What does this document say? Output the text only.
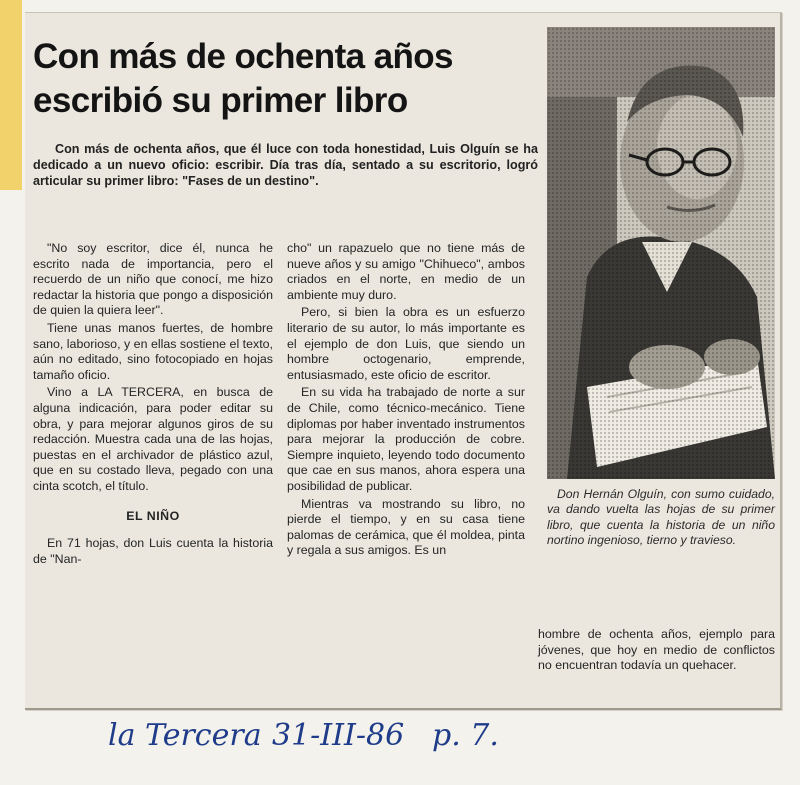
Con más de ochenta años
escribió su primer libro

Con más de ochenta años, que él luce con toda honestidad, Luis Olguín se ha dedicado a un nuevo oficio: escribir. Día tras día, sentado a su escritorio, logró articular su primer libro: "Fases de un destino".

"No soy escritor, dice él, nunca he escrito nada de importancia, pero el recuerdo de un niño que conocí, me hizo redactar la historia que pongo a disposición de quien la quiera leer".

Tiene unas manos fuertes, de hombre sano, laborioso, y en ellas sostiene el texto, aún no editado, sino fotocopiado en hojas tamaño oficio.

Vino a LA TERCERA, en busca de alguna indicación, para poder editar su obra, y para mejorar algunos giros de su redacción. Muestra cada una de las hojas, puestas en el archivador de plástico azul, que en su costado lleva, pegado con una cinta scotch, el título.

EL NIÑO

En 71 hojas, don Luis cuenta la historia de "Nan-

cho" un rapazuelo que no tiene más de nueve años y su amigo "Chihueco", ambos criados en el norte, en medio de un ambiente muy duro.

Pero, si bien la obra es un esfuerzo literario de su autor, lo más importante es el ejemplo de don Luis, que siendo un hombre octogenario, emprende, entusiasmado, este oficio de escritor.

En su vida ha trabajado de norte a sur de Chile, como técnico-mecánico. Tiene diplomas por haber inventado instrumentos para mejorar la producción de cobre. Siempre inquieto, leyendo todo documento que cae en sus manos, ahora espera una posibilidad de publicar.

Mientras va mostrando su libro, no pierde el tiempo, y en su casa tiene palomas de cerámica, que él moldea, pinta y regala a sus amigos. Es un

hombre de ochenta años, ejemplo para jóvenes, que hoy en medio de conflictos no encuentran todavía un quehacer.

Don Hernán Olguín, con sumo cuidado, va dando vuelta las hojas de su primer libro, que cuenta la historia de un niño nortino ingenioso, tierno y travieso.

la Tercera 31-III-86 p. 7.
